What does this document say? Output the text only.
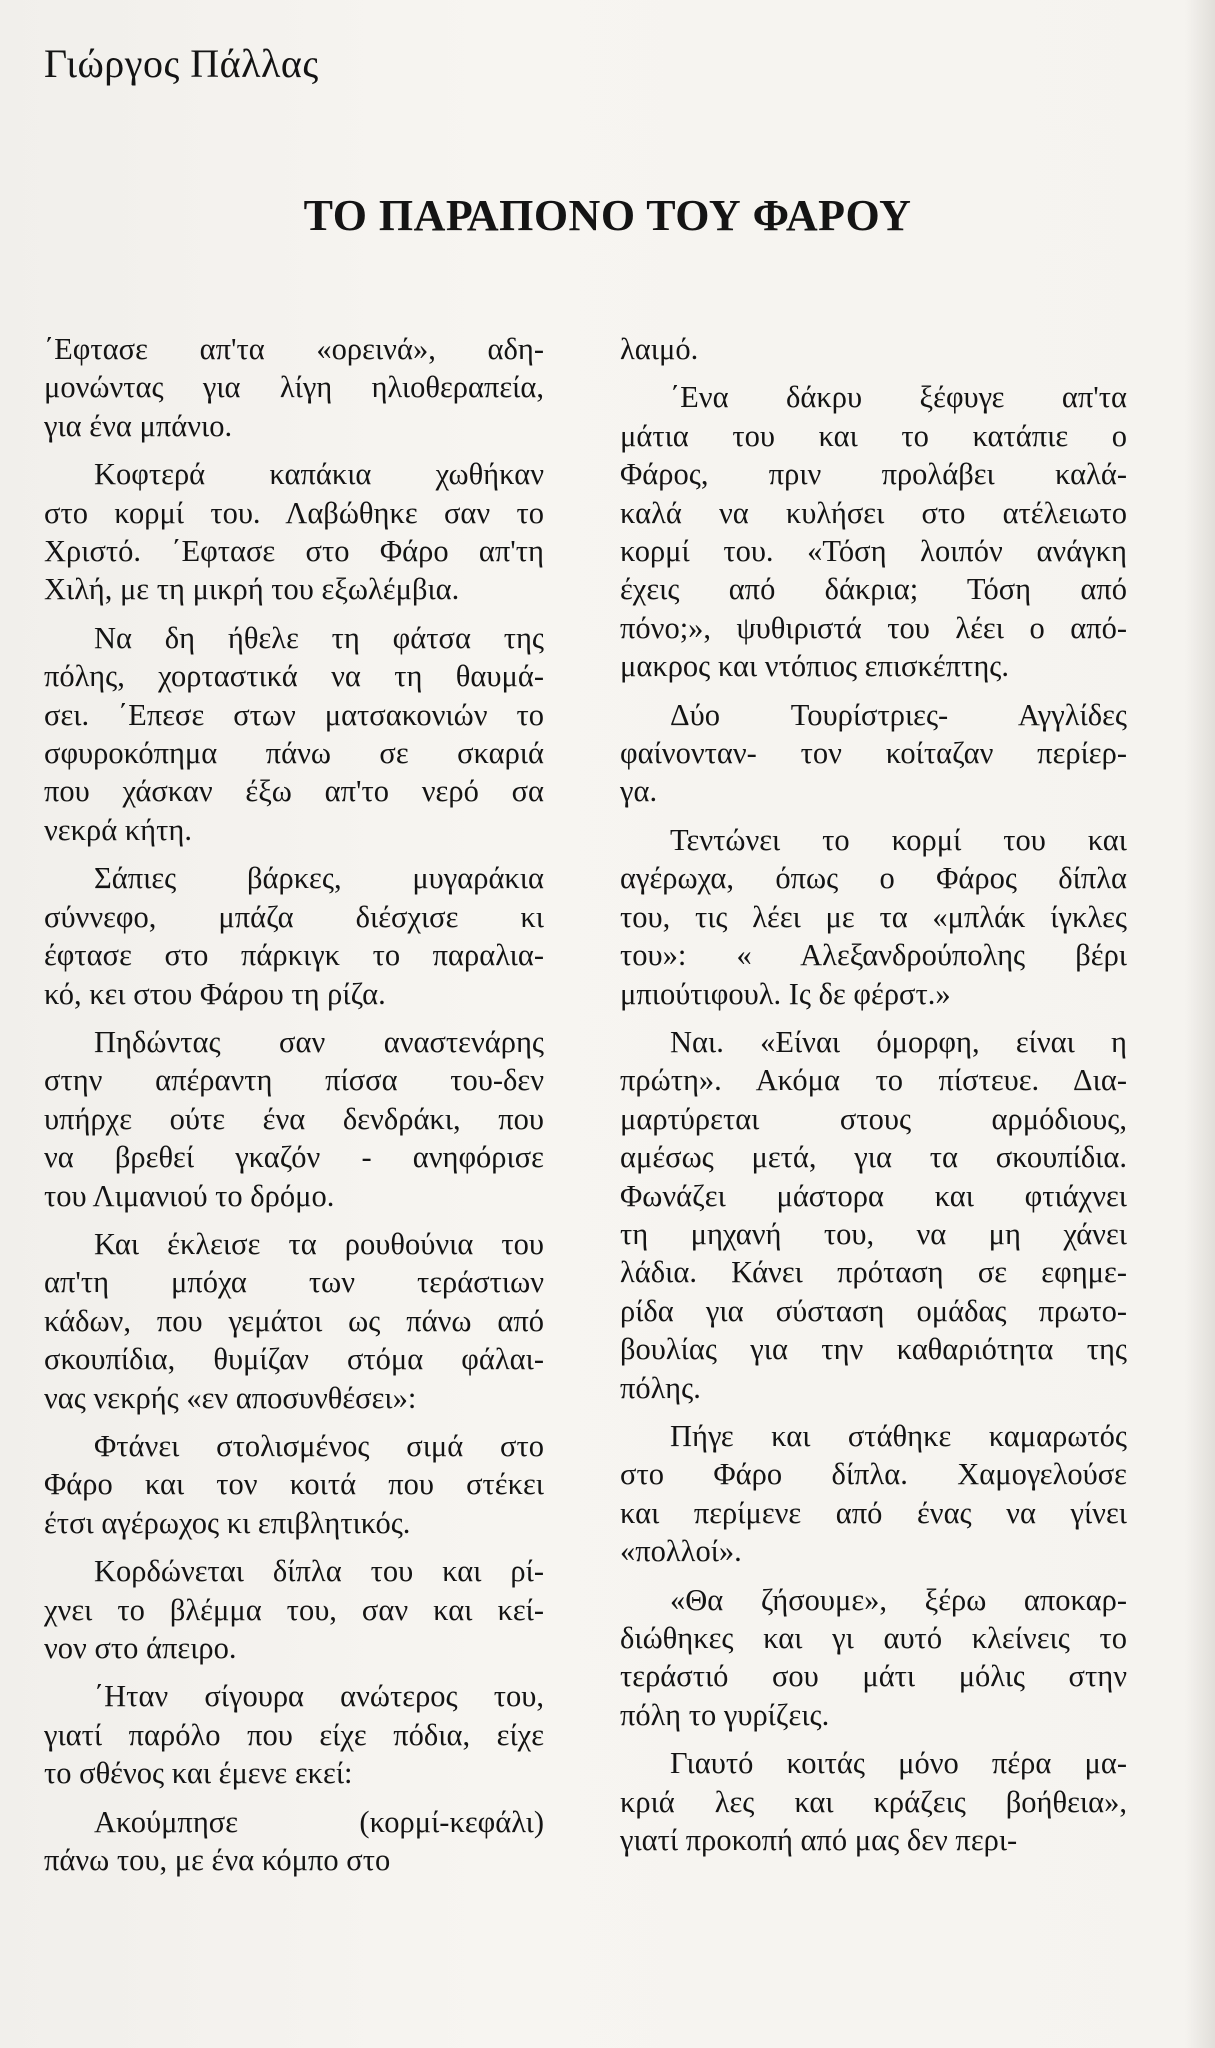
Γιώργος Πάλλας
ΤΟ ΠΑΡΑΠΟΝΟ ΤΟΥ ΦΑΡΟΥ

΄Εφτασε απ'τα «ορεινά», αδη-
μονώντας για λίγη ηλιοθεραπεία,
για ένα μπάνιο.

Κοφτερά καπάκια χωθήκαν
στο κορμί του. Λαβώθηκε σαν το
Χριστό. ΄Εφτασε στο Φάρο απ'τη
Χιλή, με τη μικρή του εξωλέμβια.

Να δη ήθελε τη φάτσα της
πόλης, χορταστικά να τη θαυμά-
σει. ΄Επεσε στων ματσακονιών το
σφυροκόπημα πάνω σε σκαριά
που χάσκαν έξω απ'το νερό σα
νεκρά κήτη.

Σάπιες βάρκες, μυγαράκια
σύννεφο, μπάζα διέσχισε κι
έφτασε στο πάρκιγκ το παραλια-
κό, κει στου Φάρου τη ρίζα.

Πηδώντας σαν αναστενάρης
στην απέραντη πίσσα του-δεν
υπήρχε ούτε ένα δενδράκι, που
να βρεθεί γκαζόν - ανηφόρισε
του Λιμανιού το δρόμο.

Και έκλεισε τα ρουθούνια του
απ'τη μπόχα των τεράστιων
κάδων, που γεμάτοι ως πάνω από
σκουπίδια, θυμίζαν στόμα φάλαι-
νας νεκρής «εν αποσυνθέσει»:

Φτάνει στολισμένος σιμά στο
Φάρο και τον κοιτά που στέκει
έτσι αγέρωχος κι επιβλητικός.

Κορδώνεται δίπλα του και ρί-
χνει το βλέμμα του, σαν και κεί-
νον στο άπειρο.

΄Ηταν σίγουρα ανώτερος του,
γιατί παρόλο που είχε πόδια, είχε
το σθένος και έμενε εκεί:

Ακούμπησε (κορμί-κεφάλι)
πάνω του, με ένα κόμπο στο

λαιμό.

΄Ενα δάκρυ ξέφυγε απ'τα
μάτια του και το κατάπιε ο
Φάρος, πριν προλάβει καλά-
καλά να κυλήσει στο ατέλειωτο
κορμί του. «Τόση λοιπόν ανάγκη
έχεις από δάκρια; Τόση από
πόνο;», ψυθιριστά του λέει ο από-
μακρος και ντόπιος επισκέπτης.

Δύο Τουρίστριες- Αγγλίδες
φαίνονταν- τον κοίταζαν περίερ-
γα.

Τεντώνει το κορμί του και
αγέρωχα, όπως ο Φάρος δίπλα
του, τις λέει με τα «μπλάκ ίγκλες
του»: « Αλεξανδρούπολης βέρι
μπιούτιφουλ. Ις δε φέρστ.»

Ναι. «Είναι όμορφη, είναι η
πρώτη». Ακόμα το πίστευε. Δια-
μαρτύρεται στους αρμόδιους,
αμέσως μετά, για τα σκουπίδια.
Φωνάζει μάστορα και φτιάχνει
τη μηχανή του, να μη χάνει
λάδια. Κάνει πρόταση σε εφημε-
ρίδα για σύσταση ομάδας πρωτο-
βουλίας για την καθαριότητα της
πόλης.

Πήγε και στάθηκε καμαρωτός
στο Φάρο δίπλα. Χαμογελούσε
και περίμενε από ένας να γίνει
«πολλοί».

«Θα ζήσουμε», ξέρω αποκαρ-
διώθηκες και γι αυτό κλείνεις το
τεράστιό σου μάτι μόλις στην
πόλη το γυρίζεις.

Γιαυτό κοιτάς μόνο πέρα μα-
κριά λες και κράζεις βοήθεια»,
γιατί προκοπή από μας δεν περι-
